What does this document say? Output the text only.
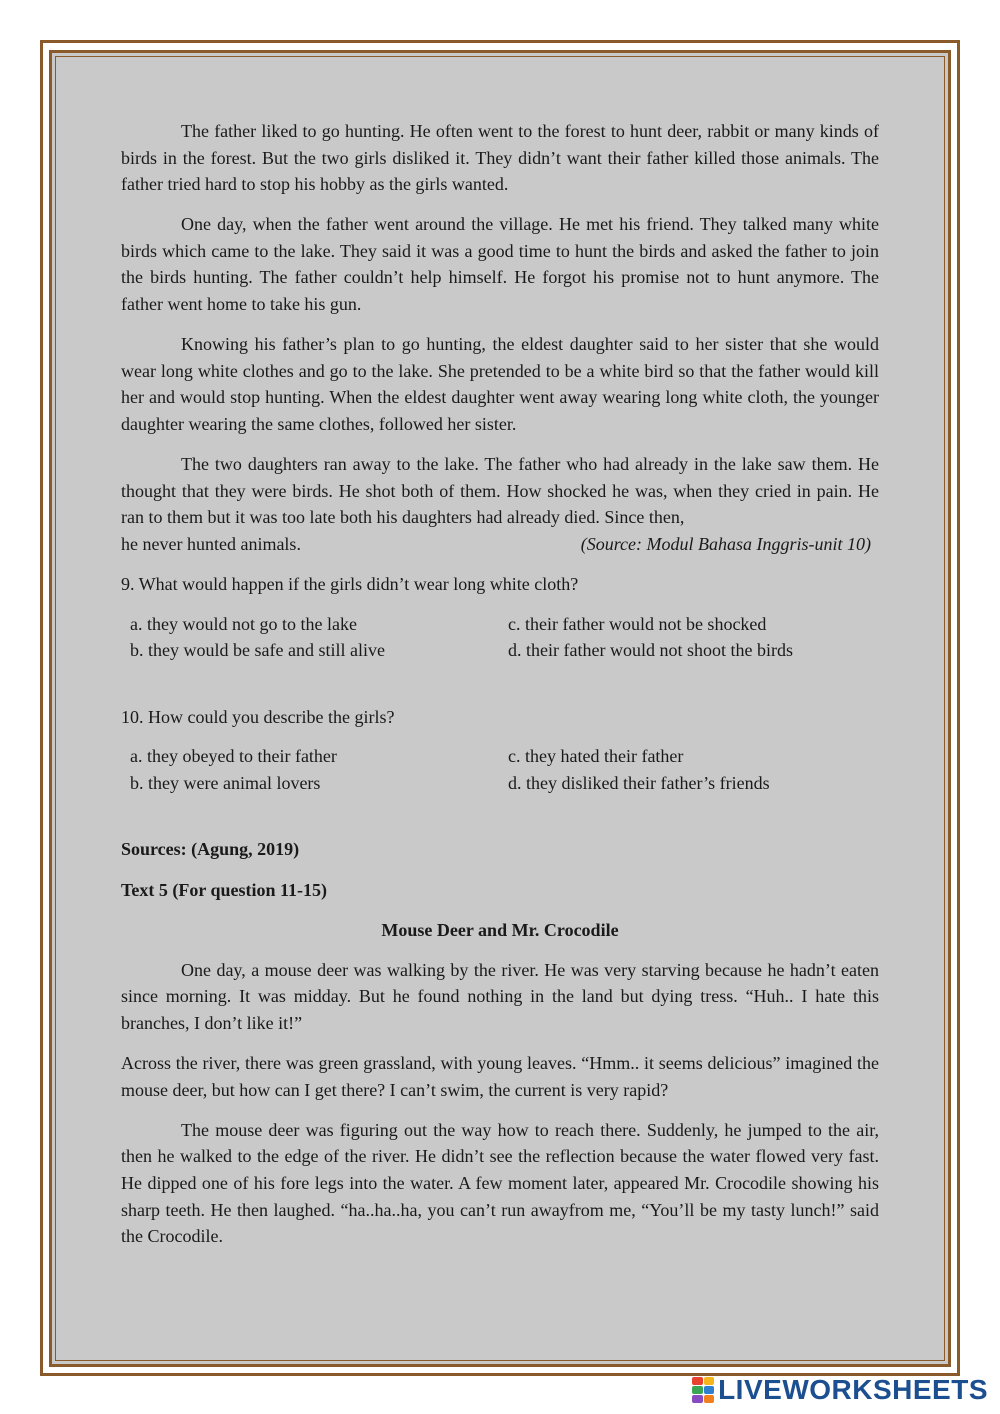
The father liked to go hunting. He often went to the forest to hunt deer, rabbit or many kinds of birds in the forest. But the two girls disliked it. They didn’t want their father killed those animals. The father tried hard to stop his hobby as the girls wanted.

One day, when the father went around the village. He met his friend. They talked many white birds which came to the lake. They said it was a good time to hunt the birds and asked the father to join the birds hunting. The father couldn’t help himself. He forgot his promise not to hunt anymore. The father went home to take his gun.

Knowing his father’s plan to go hunting, the eldest daughter said to her sister that she would wear long white clothes and go to the lake. She pretended to be a white bird so that the father would kill her and would stop hunting. When the eldest daughter went away wearing long white cloth, the younger daughter wearing the same clothes, followed her sister.

The two daughters ran away to the lake. The father who had already in the lake saw them. He thought that they were birds. He shot both of them. How shocked he was, when they cried in pain. He ran to them but it was too late both his daughters had already died. Since then,

he never hunted animals.	(Source: Modul Bahasa Inggris-unit 10)

9. What would happen if the girls didn’t wear long white cloth?

a. they would not go to the lake	c. their father would not be shocked
b. they would be safe and still alive	d. their father would not shoot the birds

10. How could you describe the girls?

a. they obeyed to their father	c. they hated their father
b. they were animal lovers	d. they disliked their father’s friends

Sources: (Agung, 2019)

Text 5 (For question 11-15)

Mouse Deer and Mr. Crocodile

One day, a mouse deer was walking by the river. He was very starving because he hadn’t eaten since morning. It was midday. But he found nothing in the land but dying tress. “Huh.. I hate this branches, I don’t like it!”

Across the river, there was green grassland, with young leaves. “Hmm.. it seems delicious” imagined the mouse deer, but how can I get there? I can’t swim, the current is very rapid?

The mouse deer was figuring out the way how to reach there. Suddenly, he jumped to the air, then he walked to the edge of the river. He didn’t see the reflection because the water flowed very fast. He dipped one of his fore legs into the water. A few moment later, appeared Mr. Crocodile showing his sharp teeth. He then laughed. “ha..ha..ha, you can’t run awayfrom me, “You’ll be my tasty lunch!” said the Crocodile.

LIVEWORKSHEETS
